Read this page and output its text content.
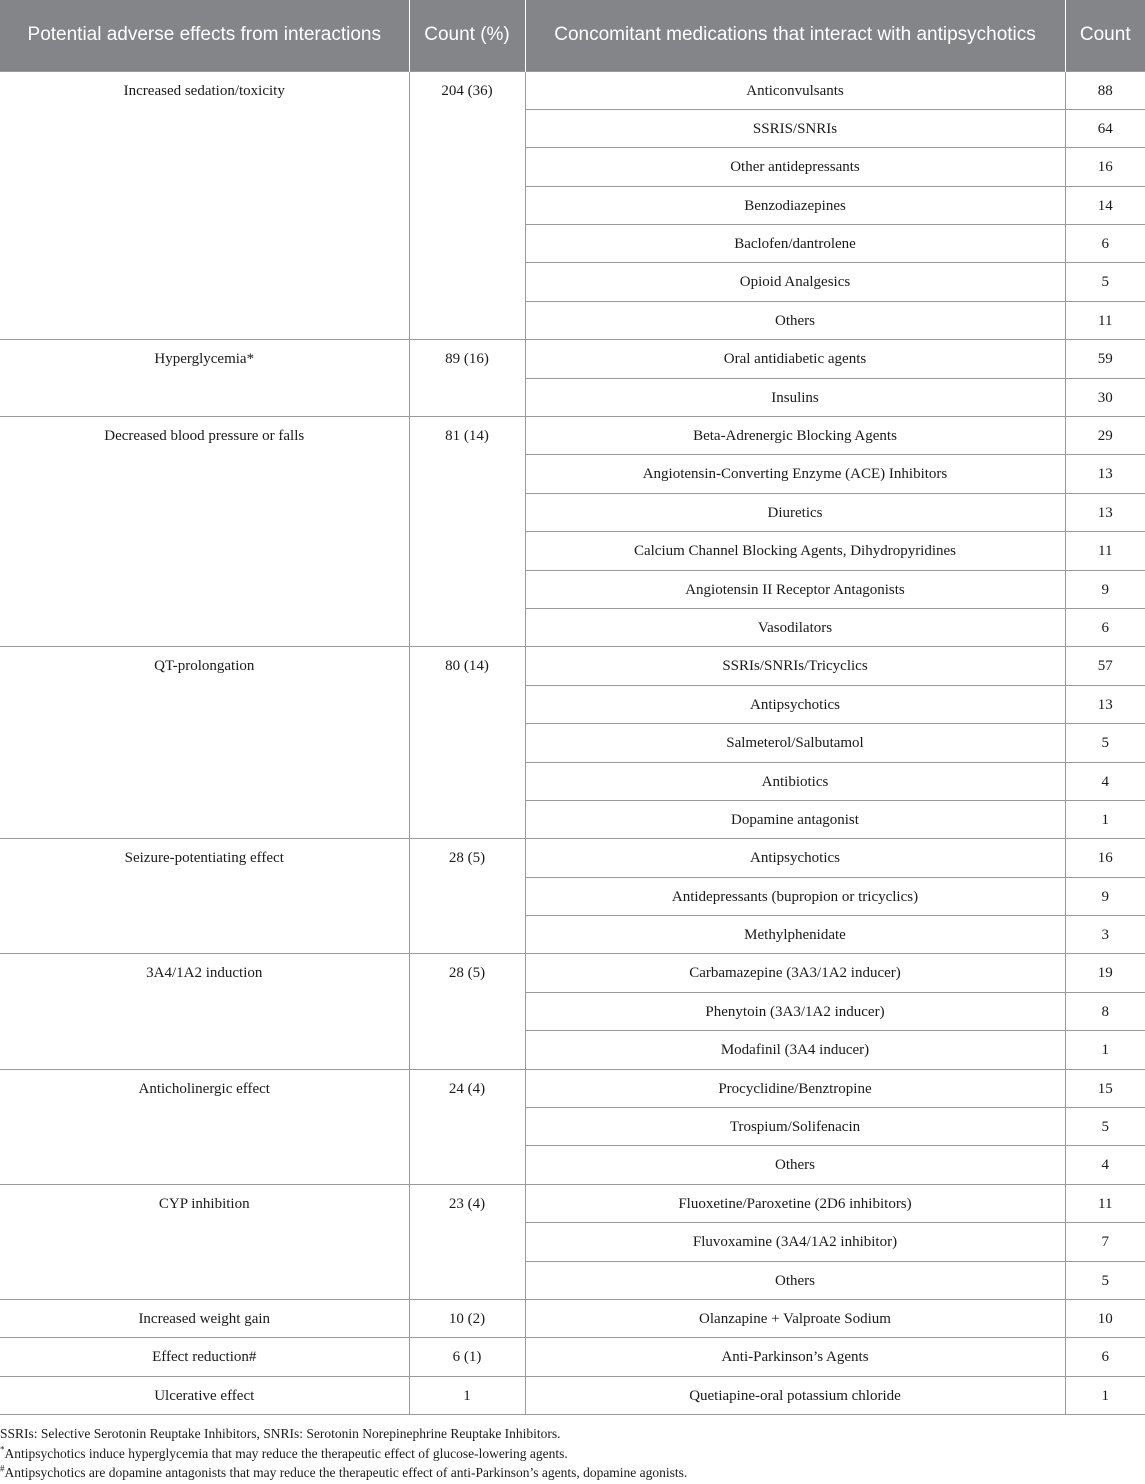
Potential adverse effects from interactions	Count (%)	Concomitant medications that interact with antipsychotics	Count
Increased sedation/toxicity	204 (36)	Anticonvulsants	88
		SSRIS/SNRIs	64
		Other antidepressants	16
		Benzodiazepines	14
		Baclofen/dantrolene	6
		Opioid Analgesics	5
		Others	11
Hyperglycemia*	89 (16)	Oral antidiabetic agents	59
		Insulins	30
Decreased blood pressure or falls	81 (14)	Beta-Adrenergic Blocking Agents	29
		Angiotensin-Converting Enzyme (ACE) Inhibitors	13
		Diuretics	13
		Calcium Channel Blocking Agents, Dihydropyridines	11
		Angiotensin II Receptor Antagonists	9
		Vasodilators	6
QT-prolongation	80 (14)	SSRIs/SNRIs/Tricyclics	57
		Antipsychotics	13
		Salmeterol/Salbutamol	5
		Antibiotics	4
		Dopamine antagonist	1
Seizure-potentiating effect	28 (5)	Antipsychotics	16
		Antidepressants (bupropion or tricyclics)	9
		Methylphenidate	3
3A4/1A2 induction	28 (5)	Carbamazepine (3A3/1A2 inducer)	19
		Phenytoin (3A3/1A2 inducer)	8
		Modafinil (3A4 inducer)	1
Anticholinergic effect	24 (4)	Procyclidine/Benztropine	15
		Trospium/Solifenacin	5
		Others	4
CYP inhibition	23 (4)	Fluoxetine/Paroxetine (2D6 inhibitors)	11
		Fluvoxamine (3A4/1A2 inhibitor)	7
		Others	5
Increased weight gain	10 (2)	Olanzapine + Valproate Sodium	10
Effect reduction#	6 (1)	Anti-Parkinson’s Agents	6
Ulcerative effect	1	Quetiapine-oral potassium chloride	1
SSRIs: Selective Serotonin Reuptake Inhibitors, SNRIs: Serotonin Norepinephrine Reuptake Inhibitors.
*Antipsychotics induce hyperglycemia that may reduce the therapeutic effect of glucose-lowering agents.
#Antipsychotics are dopamine antagonists that may reduce the therapeutic effect of anti-Parkinson’s agents, dopamine agonists.
